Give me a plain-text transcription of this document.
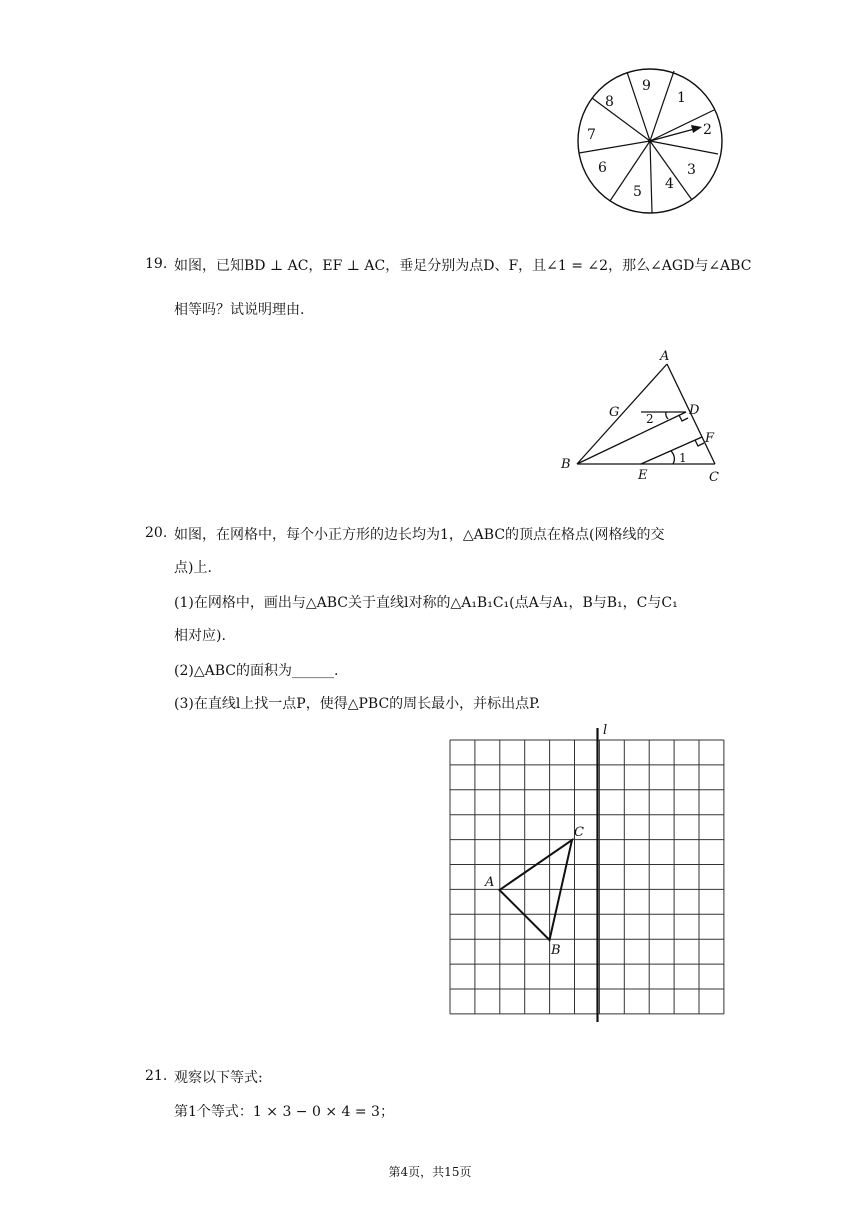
9
1
2
3
4
5
6
7
8
19. 如图，已知BD ⊥ AC，EF ⊥ AC，垂足分别为点D、F，且∠1 = ∠2，那么∠AGD与∠ABC
相等吗？试说明理由.
A
G	D
F
B
E	C
2
1
20. 如图，在网格中，每个小正方形的边长均为1，△ABC的顶点在格点(网格线的交
点)上.
(1)在网格中，画出与△ABC关于直线l对称的△A₁B₁C₁(点A与A₁，B与B₁，C与C₁
相对应).
(2)△ABC的面积为______.
(3)在直线l上找一点P，使得△PBC的周长最小，并标出点P.
l
A
B
C
21. 观察以下等式:
第1个等式：1 × 3 − 0 × 4 = 3；
第4页，共15页
